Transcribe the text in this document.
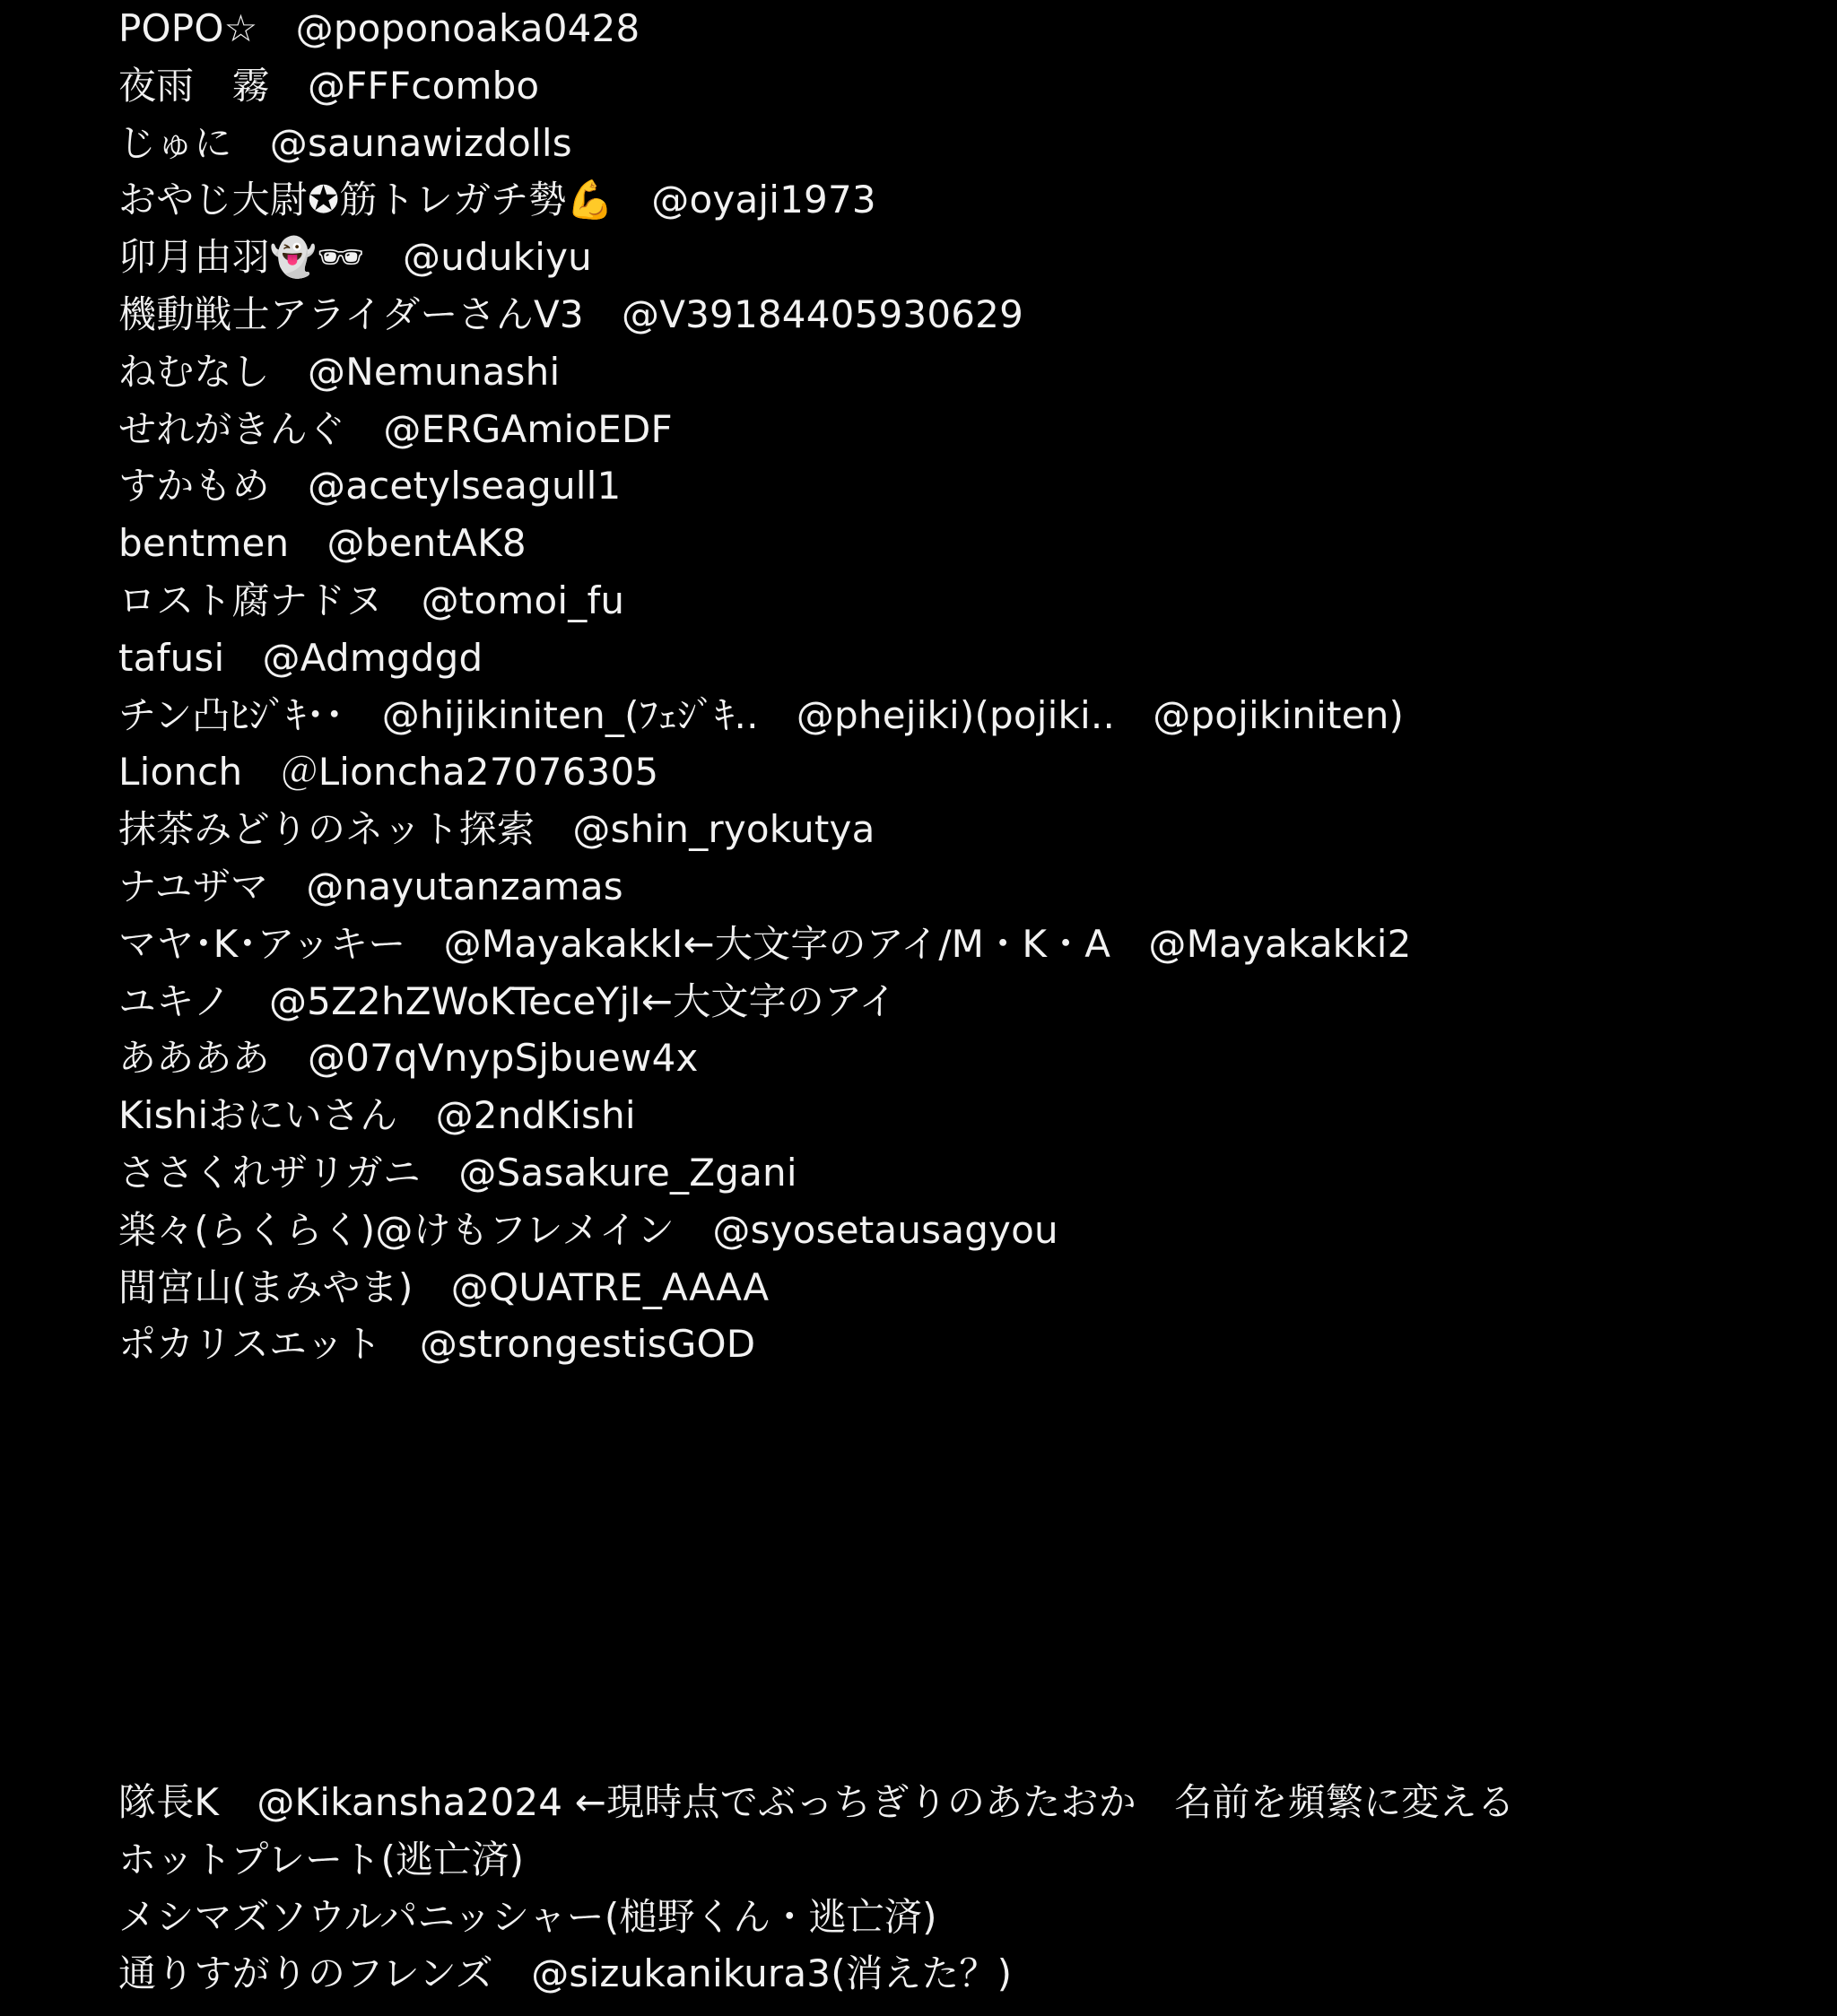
POPO☆　@poponoaka0428
夜雨　霧　@FFFcombo
じゅに　@saunawizdolls
おやじ大尉✪筋トレガチ勢💪　@oyaji1973
卯月由羽👻🕶　@udukiyu
機動戦士アライダーさんV3　@V39184405930629
ねむなし　@Nemunashi
せれがきんぐ　@ERGAmioEDF
すかもめ　@acetylseagull1
bentmen　@bentAK8
ロスト腐ナドヌ　@tomoi_fu
tafusi　@Admgdgd
チン凸ﾋｼﾞｷ･･　@hijikiniten_(ﾌｪｼﾞｷ..　@phejiki)(pojiki..　@pojikiniten)
Lionch　＠Lioncha27076305
抹茶みどりのネット探索　@shin_ryokutya
ナユザマ　@nayutanzamas
マヤ･K･アッキー　@MayakakkI←大文字のアイ/M・K・A　@Mayakakki2
ユキノ　@5Z2hZWoKTeceYjI←大文字のアイ
ああああ　@07qVnypSjbuew4x
Kishiおにいさん　@2ndKishi
ささくれザリガニ　@Sasakure_Zgani
楽々(らくらく)@けもフレメイン　@syosetausagyou
間宮山(まみやま)　@QUATRE_AAAA
ポカリスエット　@strongestisGOD
隊長K　@Kikansha2024 ←現時点でぶっちぎりのあたおか　名前を頻繁に変える
ホットプレート(逃亡済)
メシマズソウルパニッシャー(槌野くん・逃亡済)
通りすがりのフレンズ　@sizukanikura3(消えた？)
